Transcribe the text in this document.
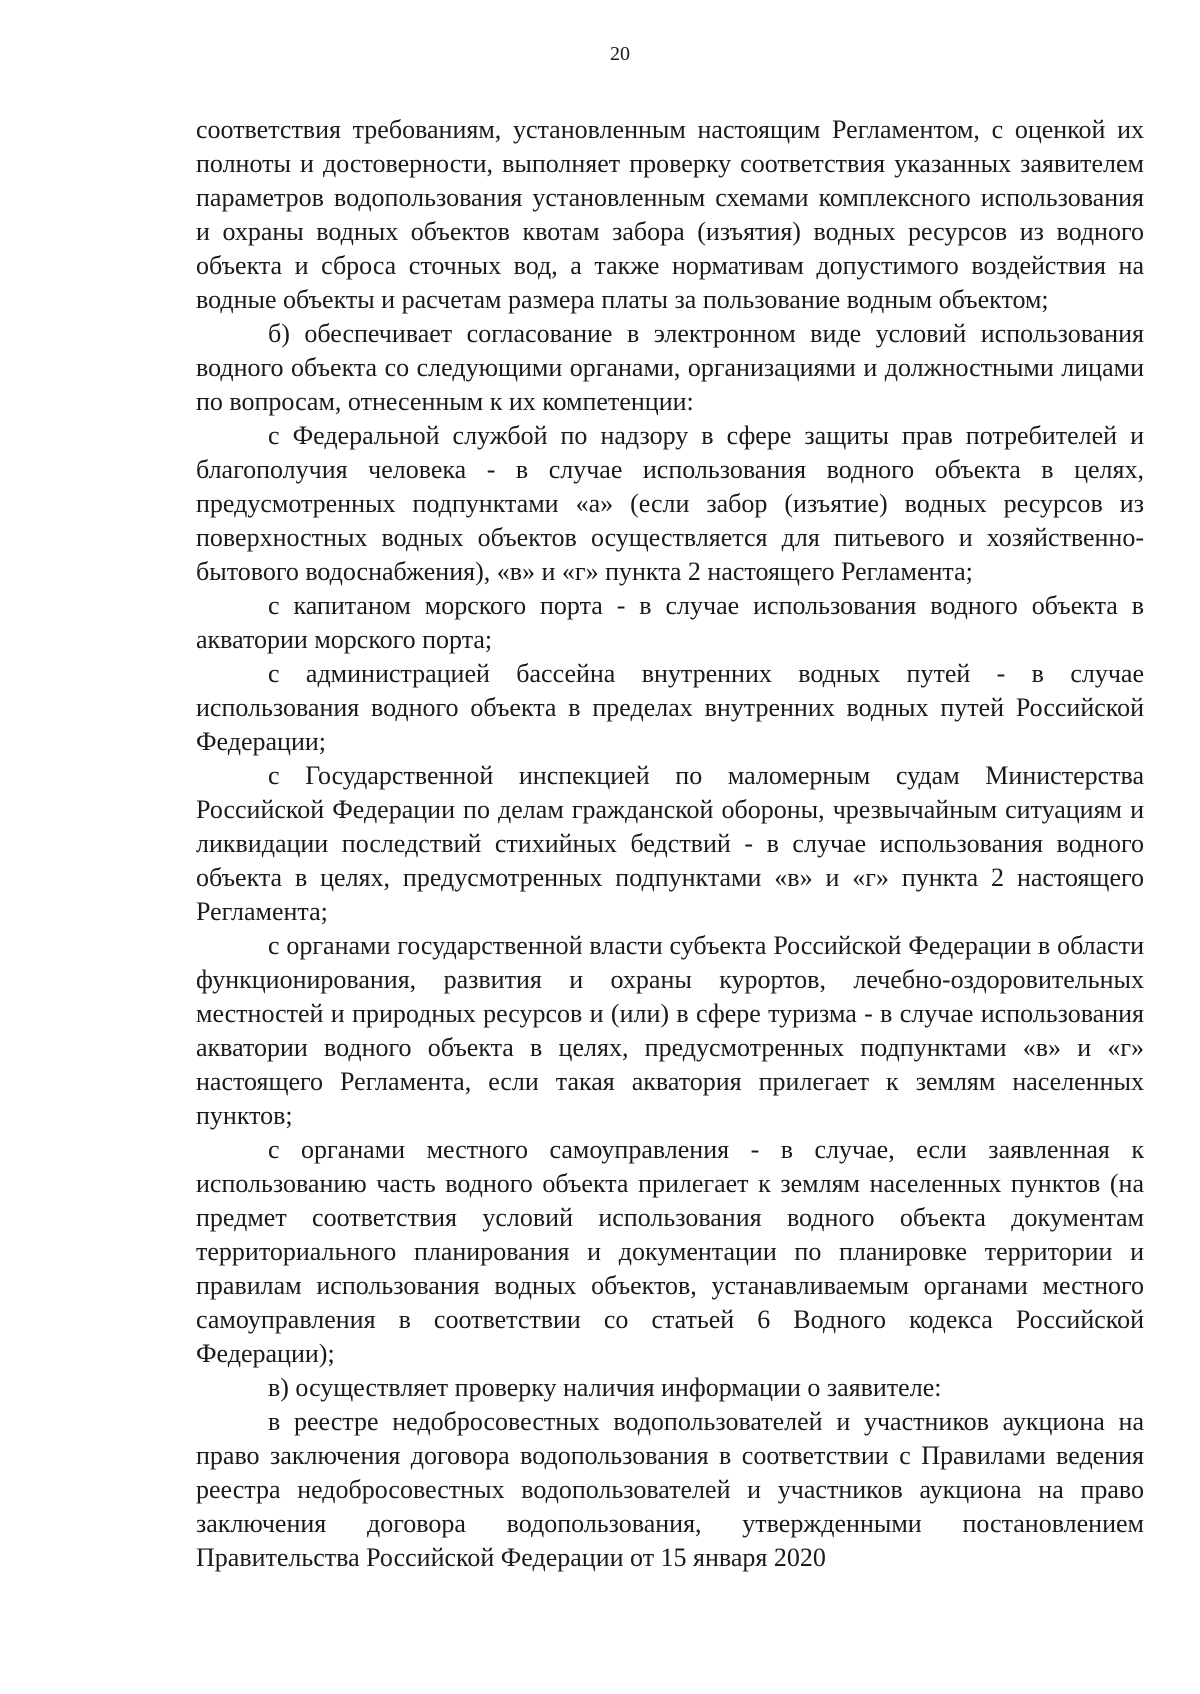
20

соответствия требованиям, установленным настоящим Регламентом, с оценкой их полноты и достоверности, выполняет проверку соответствия указанных заявителем параметров водопользования установленным схемами комплексного использования и охраны водных объектов квотам забора (изъятия) водных ресурсов из водного объекта и сброса сточных вод, а также нормативам допустимого воздействия на водные объекты и расчетам размера платы за пользование водным объектом;

б) обеспечивает согласование в электронном виде условий использования водного объекта со следующими органами, организациями и должностными лицами по вопросам, отнесенным к их компетенции:

с Федеральной службой по надзору в сфере защиты прав потребителей и благополучия человека - в случае использования водного объекта в целях, предусмотренных подпунктами «а» (если забор (изъятие) водных ресурсов из поверхностных водных объектов осуществляется для питьевого и хозяйственно-бытового водоснабжения), «в» и «г» пункта 2 настоящего Регламента;

с капитаном морского порта - в случае использования водного объекта в акватории морского порта;

с администрацией бассейна внутренних водных путей - в случае использования водного объекта в пределах внутренних водных путей Российской Федерации;

с Государственной инспекцией по маломерным судам Министерства Российской Федерации по делам гражданской обороны, чрезвычайным ситуациям и ликвидации последствий стихийных бедствий - в случае использования водного объекта в целях, предусмотренных подпунктами «в» и «г» пункта 2 настоящего Регламента;

с органами государственной власти субъекта Российской Федерации в области функционирования, развития и охраны курортов, лечебно-оздоровительных местностей и природных ресурсов и (или) в сфере туризма - в случае использования акватории водного объекта в целях, предусмотренных подпунктами «в» и «г» настоящего Регламента, если такая акватория прилегает к землям населенных пунктов;

с органами местного самоуправления - в случае, если заявленная к использованию часть водного объекта прилегает к землям населенных пунктов (на предмет соответствия условий использования водного объекта документам территориального планирования и документации по планировке территории и правилам использования водных объектов, устанавливаемым органами местного самоуправления в соответствии со статьей 6 Водного кодекса Российской Федерации);

в) осуществляет проверку наличия информации о заявителе:

в реестре недобросовестных водопользователей и участников аукциона на право заключения договора водопользования в соответствии с Правилами ведения реестра недобросовестных водопользователей и участников аукциона на право заключения договора водопользования, утвержденными постановлением Правительства Российской Федерации от 15 января 2020
